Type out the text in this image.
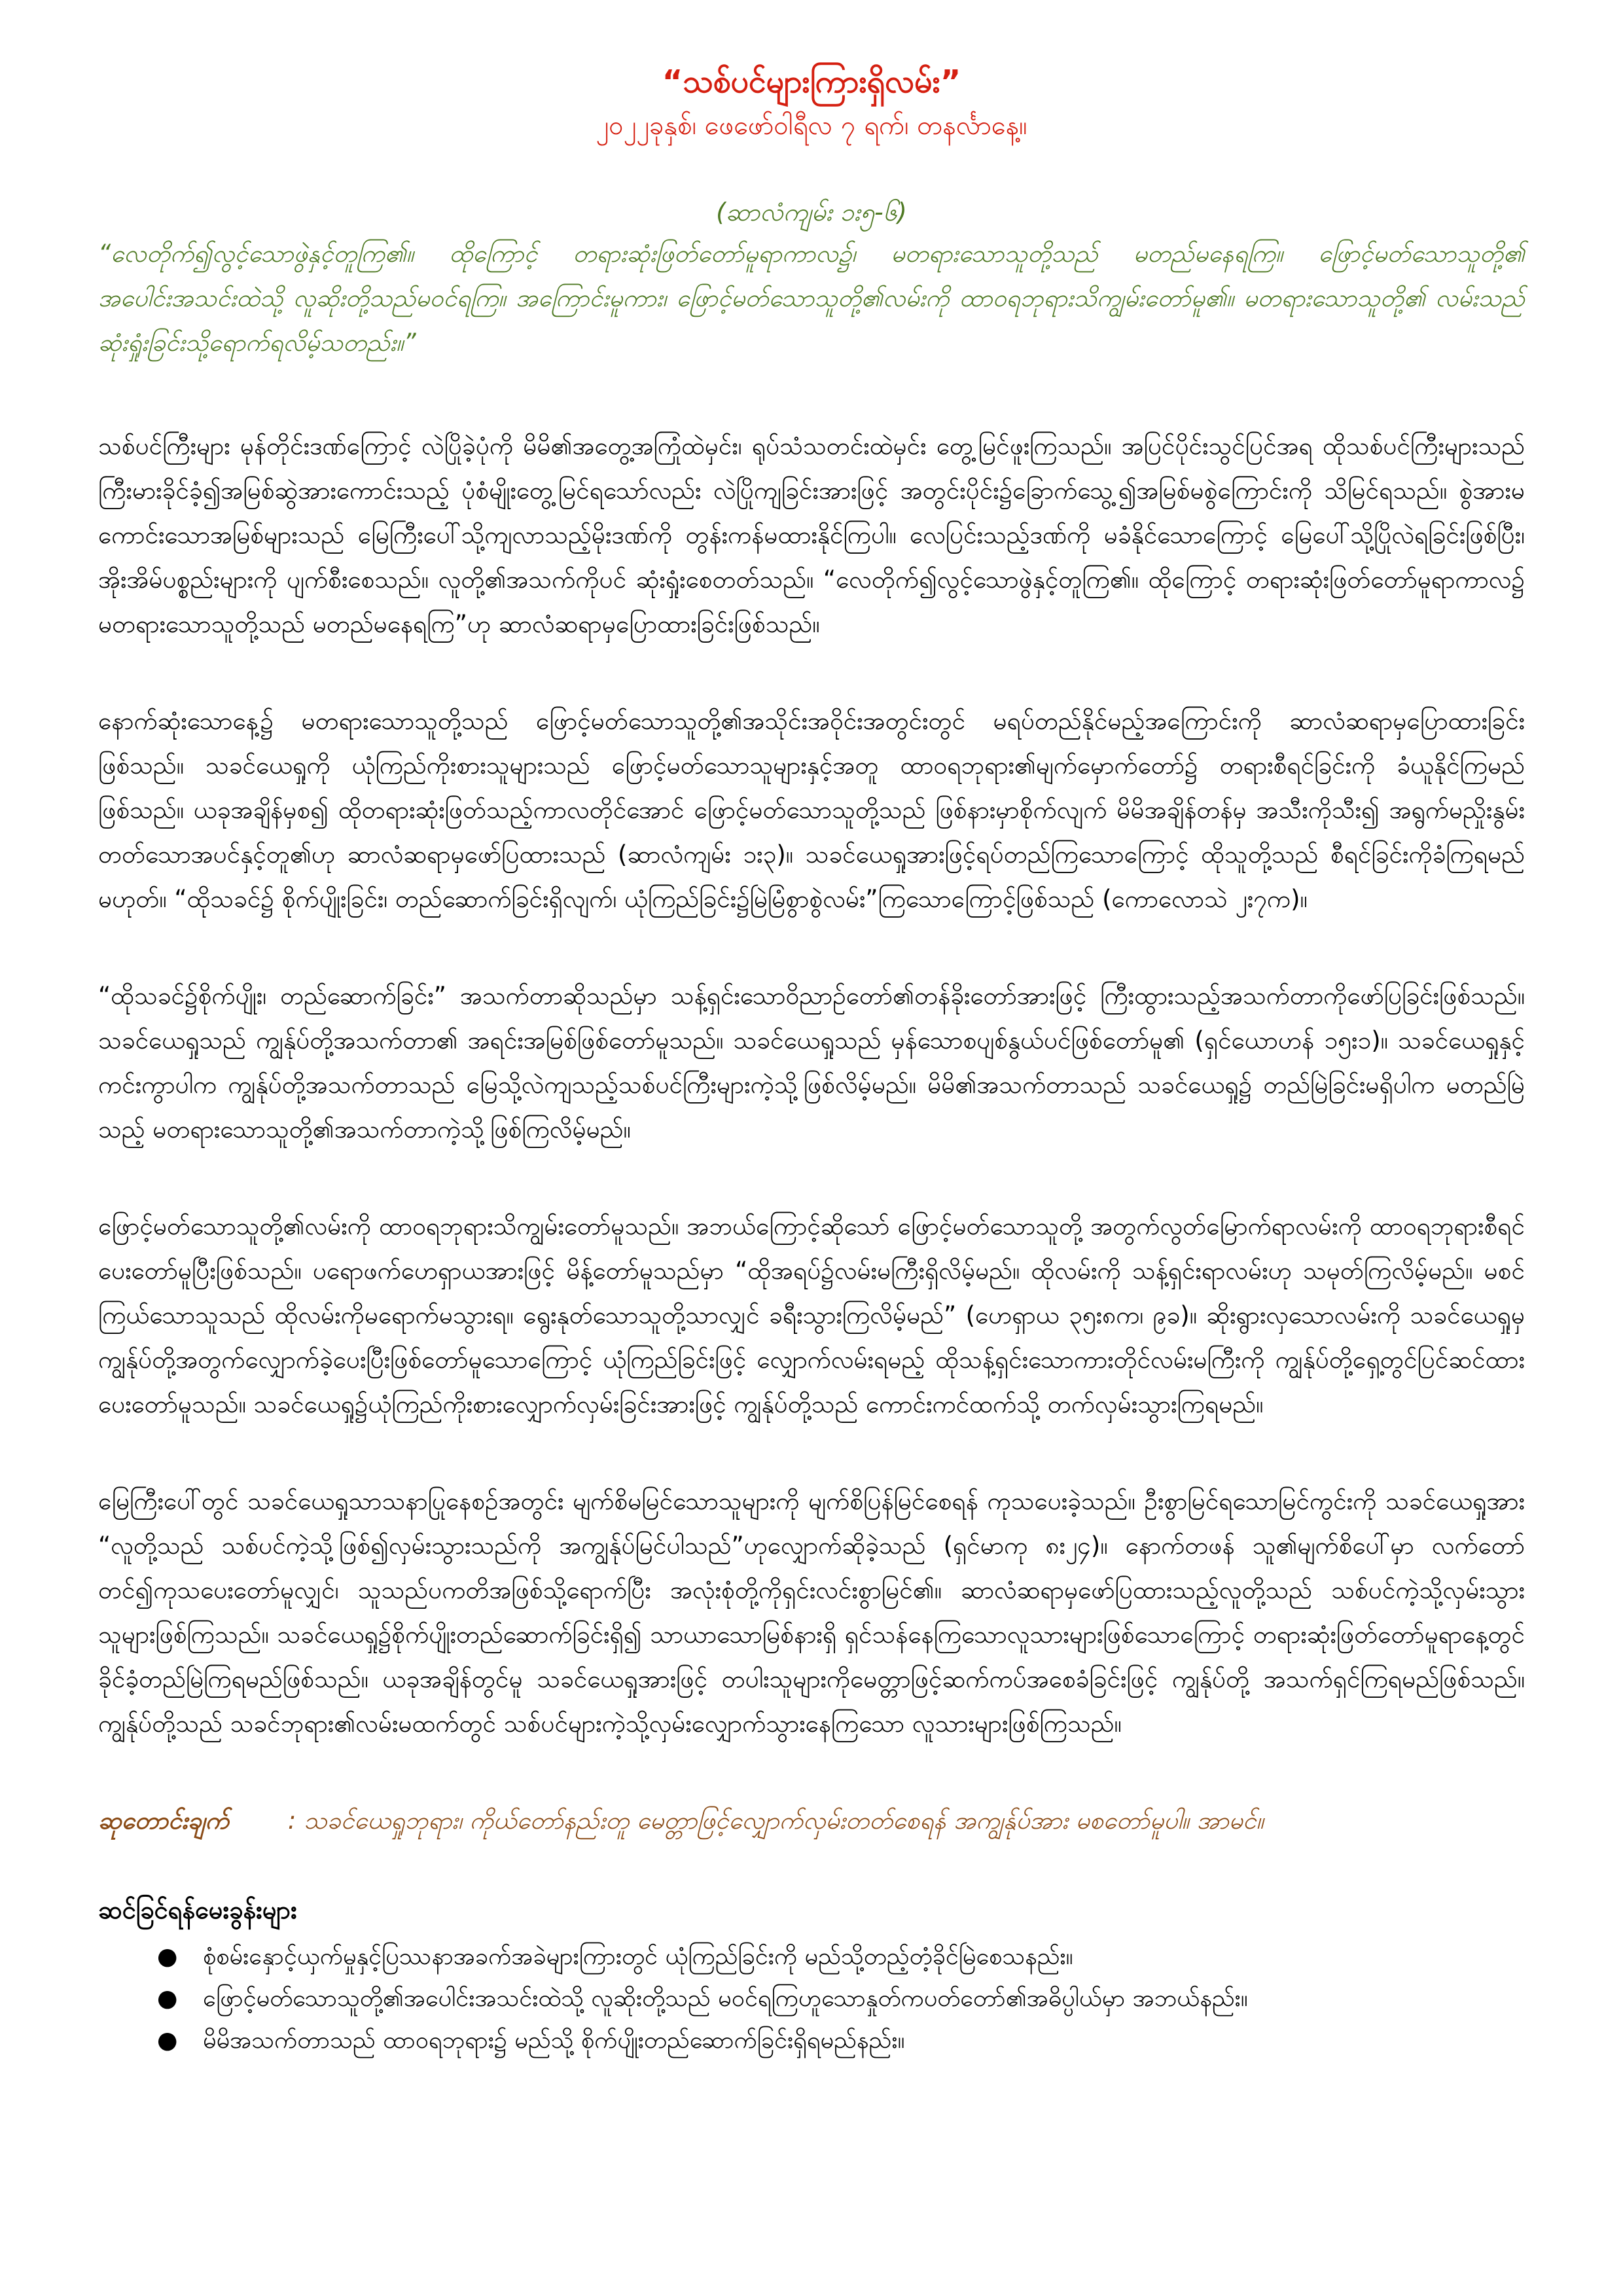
“သစ်ပင်များကြားရှိလမ်း”

၂၀၂၂ခုနှစ်၊ ဖေဖော်ဝါရီလ ၇ ရက်၊ တနင်္လာနေ့။

(ဆာလံကျမ်း ၁း၅-၆)

“လေတိုက်၍လွင့်သောဖွဲနှင့်တူကြ၏။ ထိုကြောင့် တရားဆုံးဖြတ်တော်မူရာကာလ၌၊ မတရားသောသူတို့သည် မတည်မနေရကြ။ ဖြောင့်မတ်သောသူတို့၏ အပေါင်းအသင်းထဲသို့ လူဆိုးတို့သည်မဝင်ရကြ။ အကြောင်းမူကား၊ ဖြောင့်မတ်သောသူတို့၏လမ်းကို ထာဝရဘုရားသိကျွမ်းတော်မူ၏။ မတရားသောသူတို့၏ လမ်းသည် ဆုံးရှုံးခြင်းသို့ရောက်ရလိမ့်သတည်း။”

သစ်ပင်ကြီးများ မုန်တိုင်းဒဏ်ကြောင့် လဲပြိုခဲ့ပုံကို မိမိ၏အတွေ့အကြုံထဲမှင်း၊ ရုပ်သံသတင်းထဲမှင်း တွေ့မြင်ဖူးကြသည်။ အပြင်ပိုင်းသွင်ပြင်အရ ထိုသစ်ပင်ကြီးများသည် ကြီးမားခိုင်ခံ့၍အမြစ်ဆွဲအားကောင်းသည့် ပုံစံမျိုးတွေ့မြင်ရသော်လည်း လဲပြိုကျခြင်းအားဖြင့် အတွင်းပိုင်း၌ခြောက်သွေ့၍အမြစ်မစွဲကြောင်းကို သိမြင်ရသည်။ စွဲအားမကောင်းသောအမြစ်များသည် မြေကြီးပေါ်သို့ကျလာသည့်မိုးဒဏ်ကို တွန်းကန်မထားနိုင်ကြပါ။ လေပြင်းသည့်ဒဏ်ကို မခံနိုင်သောကြောင့် မြေပေါ်သို့ပြိုလဲရခြင်းဖြစ်ပြီး၊ အိုးအိမ်ပစ္စည်းများကို ပျက်စီးစေသည်။ လူတို့၏အသက်ကိုပင် ဆုံးရှုံးစေတတ်သည်။ “လေတိုက်၍လွင့်သောဖွဲနှင့်တူကြ၏။ ထိုကြောင့် တရားဆုံးဖြတ်တော်မူရာကာလ၌ မတရားသောသူတို့သည် မတည်မနေရကြ”ဟု ဆာလံဆရာမှပြောထားခြင်းဖြစ်သည်။

နောက်ဆုံးသောနေ့၌ မတရားသောသူတို့သည် ဖြောင့်မတ်သောသူတို့၏အသိုင်းအဝိုင်းအတွင်းတွင် မရပ်တည်နိုင်မည့်အကြောင်းကို ဆာလံဆရာမှပြောထားခြင်းဖြစ်သည်။ သခင်ယေရှုကို ယုံကြည်ကိုးစားသူများသည် ဖြောင့်မတ်သောသူများနှင့်အတူ ထာဝရဘုရား၏မျက်မှောက်တော်၌ တရားစီရင်ခြင်းကို ခံယူနိုင်ကြမည်ဖြစ်သည်။ ယခုအချိန်မှစ၍ ထိုတရားဆုံးဖြတ်သည့်ကာလတိုင်အောင် ဖြောင့်မတ်သောသူတို့သည် ဖြစ်နားမှာစိုက်လျက် မိမိအချိန်တန်မှ အသီးကိုသီး၍ အရွက်မညှိုးနွမ်းတတ်သောအပင်နှင့်တူ၏ဟု ဆာလံဆရာမှဖော်ပြထားသည် (ဆာလံကျမ်း ၁း၃)။ သခင်ယေရှုအားဖြင့်ရပ်တည်ကြသောကြောင့် ထိုသူတို့သည် စီရင်ခြင်းကိုခံကြရမည်မဟုတ်။ “ထိုသခင်၌ စိုက်ပျိုးခြင်း၊ တည်ဆောက်ခြင်းရှိလျက်၊ ယုံကြည်ခြင်း၌မြဲမြံစွာစွဲလမ်း”ကြသောကြောင့်ဖြစ်သည် (ကောလောသဲ ၂း၇က)။

“ထိုသခင်၌စိုက်ပျိုး၊ တည်ဆောက်ခြင်း” အသက်တာဆိုသည်မှာ သန့်ရှင်းသောဝိညာဉ်တော်၏တန်ခိုးတော်အားဖြင့် ကြီးထွားသည့်အသက်တာကိုဖော်ပြခြင်းဖြစ်သည်။ သခင်ယေရှုသည် ကျွန်ုပ်တို့အသက်တာ၏ အရင်းအမြစ်ဖြစ်တော်မူသည်။ သခင်ယေရှုသည် မှန်သောစပျစ်နွယ်ပင်ဖြစ်တော်မူ၏ (ရှင်ယောဟန် ၁၅း၁)။ သခင်ယေရှုနှင့်ကင်းကွာပါက ကျွန်ုပ်တို့အသက်တာသည် မြေသို့လဲကျသည့်သစ်ပင်ကြီးများကဲ့သို့ဖြစ်လိမ့်မည်။ မိမိ၏အသက်တာသည် သခင်ယေရှု၌ တည်မြဲခြင်းမရှိပါက မတည်မြဲသည့် မတရားသောသူတို့၏အသက်တာကဲ့သို့ဖြစ်ကြလိမ့်မည်။

ဖြောင့်မတ်သောသူတို့၏လမ်းကို ထာဝရဘုရားသိကျွမ်းတော်မူသည်။ အဘယ်ကြောင့်ဆိုသော် ဖြောင့်မတ်သောသူတို့ အတွက်လွတ်မြောက်ရာလမ်းကို ထာဝရဘုရားစီရင်ပေးတော်မူပြီးဖြစ်သည်။ ပရောဖက်ဟေရှာယအားဖြင့် မိန့်တော်မူသည်မှာ “ထိုအရပ်၌လမ်းမကြီးရှိလိမ့်မည်။ ထိုလမ်းကို သန့်ရှင်းရာလမ်းဟု သမုတ်ကြလိမ့်မည်။ မစင်ကြယ်သောသူသည် ထိုလမ်းကိုမရောက်မသွားရ။ ရွေးနုတ်သောသူတို့သာလျှင် ခရီးသွားကြလိမ့်မည်” (ဟေရှာယ ၃၅း၈က၊ ၉ခ)။ ဆိုးရွားလှသောလမ်းကို သခင်ယေရှုမှ ကျွန်ုပ်တို့အတွက်လျှောက်ခဲ့ပေးပြီးဖြစ်တော်မူသောကြောင့် ယုံကြည်ခြင်းဖြင့် လျှောက်လမ်းရမည့် ထိုသန့်ရှင်းသောကားတိုင်လမ်းမကြီးကို ကျွန်ုပ်တို့ရှေ့တွင်ပြင်ဆင်ထားပေးတော်မူသည်။ သခင်ယေရှု၌ယုံကြည်ကိုးစားလျှောက်လှမ်းခြင်းအားဖြင့် ကျွန်ုပ်တို့သည် ကောင်းကင်ထက်သို့ တက်လှမ်းသွားကြရမည်။

မြေကြီးပေါ်တွင် သခင်ယေရှုသာသနာပြုနေစဉ်အတွင်း မျက်စိမမြင်သောသူများကို မျက်စိပြန်မြင်စေရန် ကုသပေးခဲ့သည်။ ဦးစွာမြင်ရသောမြင်ကွင်းကို သခင်ယေရှုအား “လူတို့သည် သစ်ပင်ကဲ့သို့ဖြစ်၍လှမ်းသွားသည်ကို အကျွန်ုပ်မြင်ပါသည်”ဟုလျှောက်ဆိုခဲ့သည် (ရှင်မာကု ၈း၂၄)။ နောက်တဖန် သူ၏မျက်စိပေါ်မှာ လက်တော်တင်၍ကုသပေးတော်မူလျှင်၊ သူသည်ပကတိအဖြစ်သို့ရောက်ပြီး အလုံးစုံတို့ကိုရှင်းလင်းစွာမြင်၏။ ဆာလံဆရာမှဖော်ပြထားသည့်လူတို့သည် သစ်ပင်ကဲ့သို့လှမ်းသွားသူများဖြစ်ကြသည်။ သခင်ယေရှု၌စိုက်ပျိုးတည်ဆောက်ခြင်းရှိ၍ သာယာသောမြစ်နားရှိ ရှင်သန်နေကြသောလူသားများဖြစ်သောကြောင့် တရားဆုံးဖြတ်တော်မူရာနေ့တွင် ခိုင်ခံ့တည်မြဲကြရမည်ဖြစ်သည်။ ယခုအချိန်တွင်မူ သခင်ယေရှုအားဖြင့် တပါးသူများကိုမေတ္တာဖြင့်ဆက်ကပ်အစေခံခြင်းဖြင့် ကျွန်ုပ်တို့ အသက်ရှင်ကြရမည်ဖြစ်သည်။ ကျွန်ုပ်တို့သည် သခင်ဘုရား၏လမ်းမထက်တွင် သစ်ပင်များကဲ့သို့လှမ်းလျှောက်သွားနေကြသော လူသားများဖြစ်ကြသည်။

ဆုတောင်းချက် : သခင်ယေရှုဘုရား၊ ကိုယ်တော်နည်းတူ မေတ္တာဖြင့်လျှောက်လှမ်းတတ်စေရန် အကျွန်ုပ်အား မစတော်မူပါ။ အာမင်။

ဆင်ခြင်ရန်မေးခွန်းများ

● စုံစမ်းနှောင့်ယှက်မှုနှင့်ပြဿနာအခက်အခဲများကြားတွင် ယုံကြည်ခြင်းကို မည်သို့တည့်တံ့ခိုင်မြဲစေသနည်း။
● ဖြောင့်မတ်သောသူတို့၏အပေါင်းအသင်းထဲသို့ လူဆိုးတို့သည် မဝင်ရကြဟူသောနှုတ်ကပတ်တော်၏အဓိပ္ပါယ်မှာ အဘယ်နည်း။
● မိမိအသက်တာသည် ထာဝရဘုရား၌ မည်သို့ စိုက်ပျိုးတည်ဆောက်ခြင်းရှိရမည်နည်း။
